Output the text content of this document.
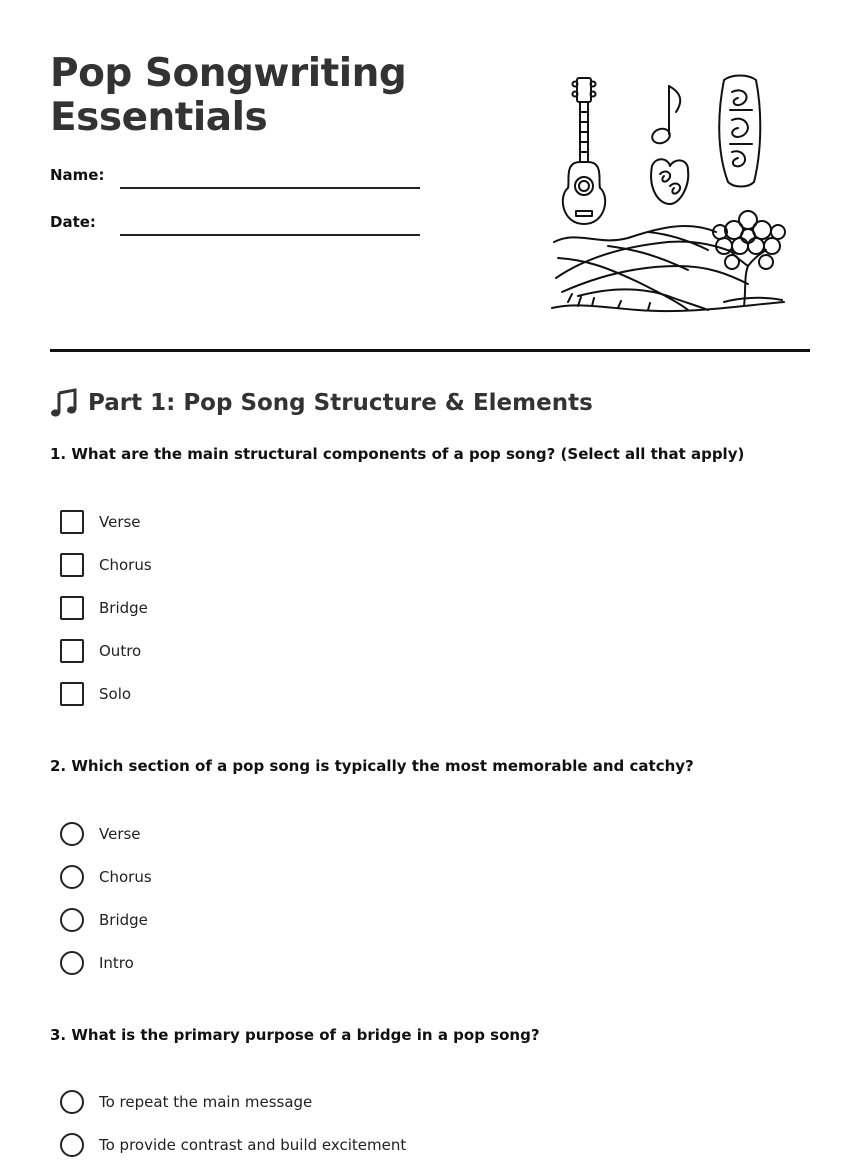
Pop Songwriting
Essentials
Name:
Date:
Part 1: Pop Song Structure & Elements

1. What are the main structural components of a pop song? (Select all that apply)

Verse
Chorus
Bridge
Outro
Solo

2. Which section of a pop song is typically the most memorable and catchy?

Verse
Chorus
Bridge
Intro

3. What is the primary purpose of a bridge in a pop song?

To repeat the main message
To provide contrast and build excitement
